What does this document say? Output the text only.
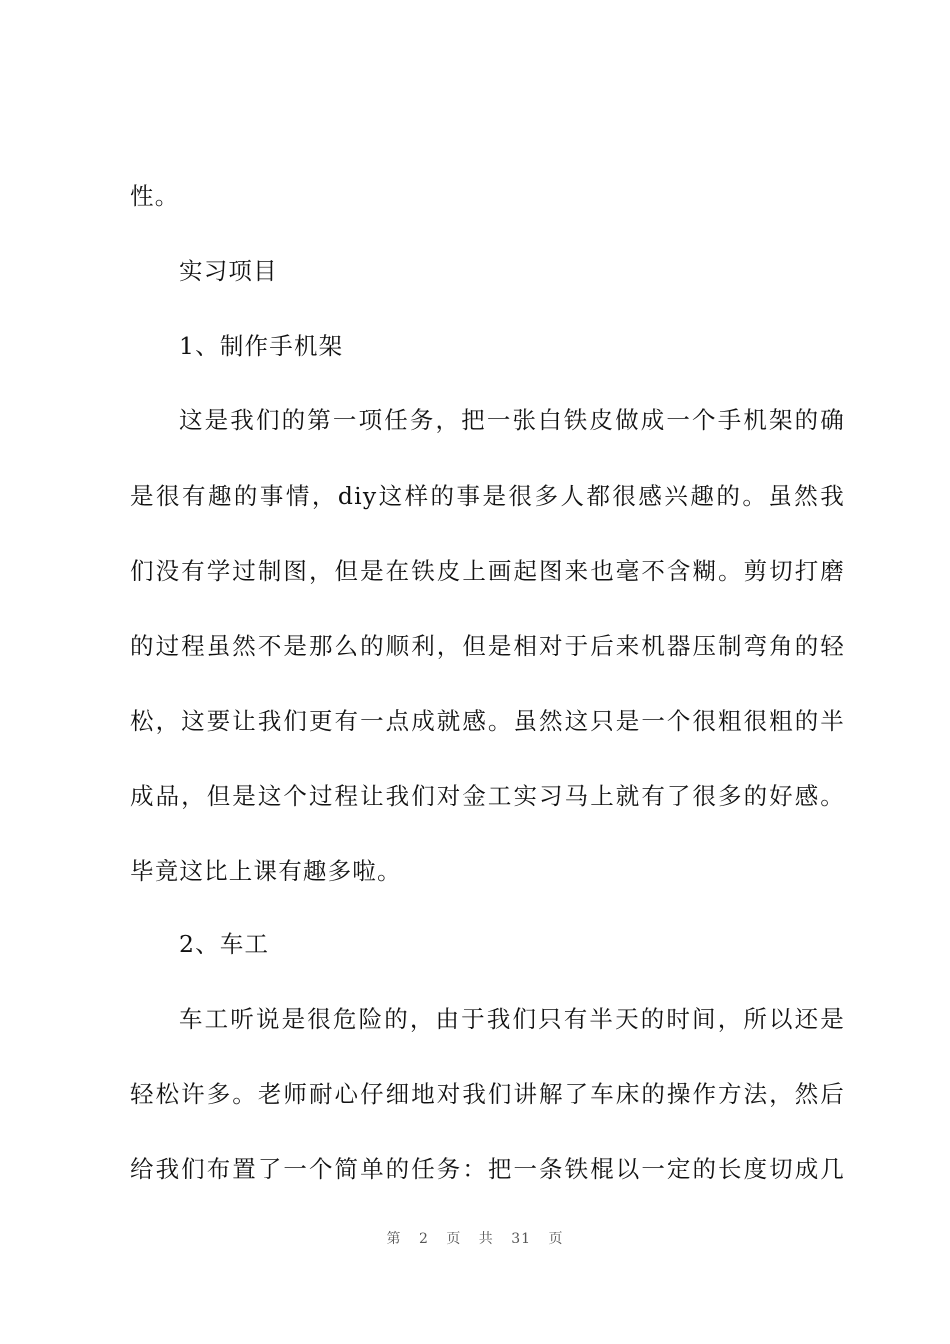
性。
实习项目
1、制作手机架
这是我们的第一项任务，把一张白铁皮做成一个手机架的确
是很有趣的事情，diy这样的事是很多人都很感兴趣的。虽然我
们没有学过制图，但是在铁皮上画起图来也毫不含糊。剪切打磨
的过程虽然不是那么的顺利，但是相对于后来机器压制弯角的轻
松，这要让我们更有一点成就感。虽然这只是一个很粗很粗的半
成品，但是这个过程让我们对金工实习马上就有了很多的好感。
毕竟这比上课有趣多啦。
2、车工
车工听说是很危险的，由于我们只有半天的时间，所以还是
轻松许多。老师耐心仔细地对我们讲解了车床的操作方法，然后
给我们布置了一个简单的任务：把一条铁棍以一定的长度切成几
第 2 页 共 31 页
